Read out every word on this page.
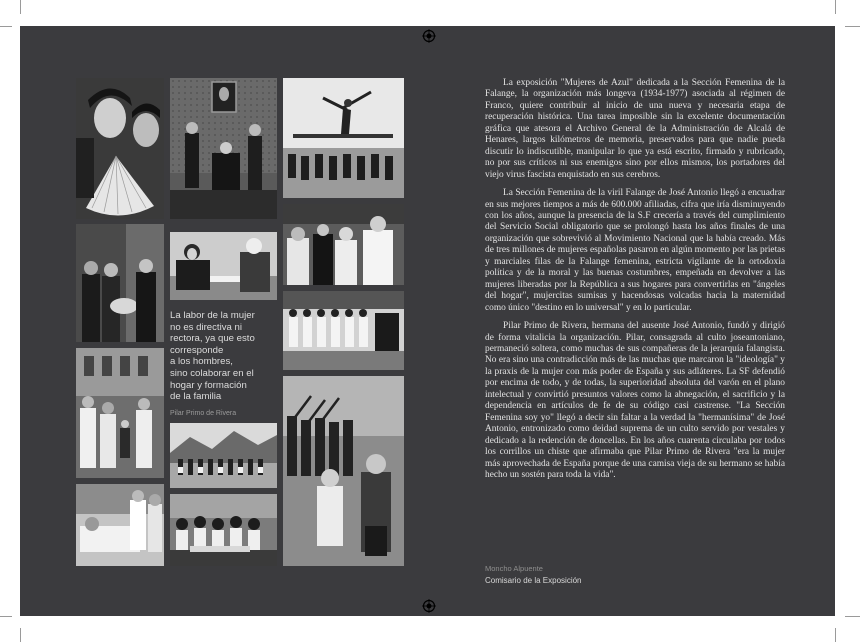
La labor de la mujer
no es directiva ni
rectora, ya que esto
corresponde
a los hombres,
sino colaborar en el
hogar y formación
de la familia
Pilar Primo de Rivera

La exposición "Mujeres de Azul" dedicada a la Sección Femenina de la Falange, la organización más longeva (1934-1977) asociada al régimen de Franco, quiere contribuir al inicio de una nueva y necesaria etapa de recuperación histórica. Una tarea imposible sin la excelente documentación gráfica que atesora el Archivo General de la Administración de Alcalá de Henares, largos kilómetros de memoria, preservados para que nadie pueda discutir lo indiscutible, manipular lo que ya está escrito, firmado y rubricado, no por sus críticos ni sus enemigos sino por ellos mismos, los portadores del viejo virus fascista enquistado en sus cerebros.

La Sección Femenina de la viril Falange de José Antonio llegó a encuadrar en sus mejores tiempos a más de 600.000 afiliadas, cifra que iría disminuyendo con los años, aunque la presencia de la S.F crecería a través del cumplimiento del Servicio Social obligatorio que se prolongó hasta los años finales de una organización que sobrevivió al Movimiento Nacional que la había creado. Más de tres millones de mujeres españolas pasaron en algún momento por las prietas y marciales filas de la Falange femenina, estricta vigilante de la ortodoxia política y de la moral y las buenas costumbres, empeñada en devolver a las mujeres liberadas por la República a sus hogares para convertirlas en "ángeles del hogar", mujercitas sumisas y hacendosas volcadas hacia la maternidad como único "destino en lo universal" y en lo particular.

Pilar Primo de Rivera, hermana del ausente José Antonio, fundó y dirigió de forma vitalicia la organización. Pilar, consagrada al culto joseantoniano, permaneció soltera, como muchas de sus compañeras de la jerarquía falangista. No era sino una contradicción más de las muchas que marcaron la "ideología" y la praxis de la mujer con más poder de España y sus adláteres. La SF defendió por encima de todo, y de todas, la superioridad absoluta del varón en el plano intelectual y convirtió presuntos valores como la abnegación, el sacrificio y la dependencia en artículos de fe de su código casi castrense. "La Sección Femenina soy yo" llegó a decir sin faltar a la verdad la "hermanísima" de José Antonio, entronizado como deidad suprema de un culto servido por vestales y dedicado a la redención de doncellas. En los años cuarenta circulaba por todos los corrillos un chiste que afirmaba que Pilar Primo de Rivera "era la mujer más aprovechada de España porque de una camisa vieja de su hermano se había hecho un sostén para toda la vida".

Moncho Alpuente
Comisario de la Exposición
